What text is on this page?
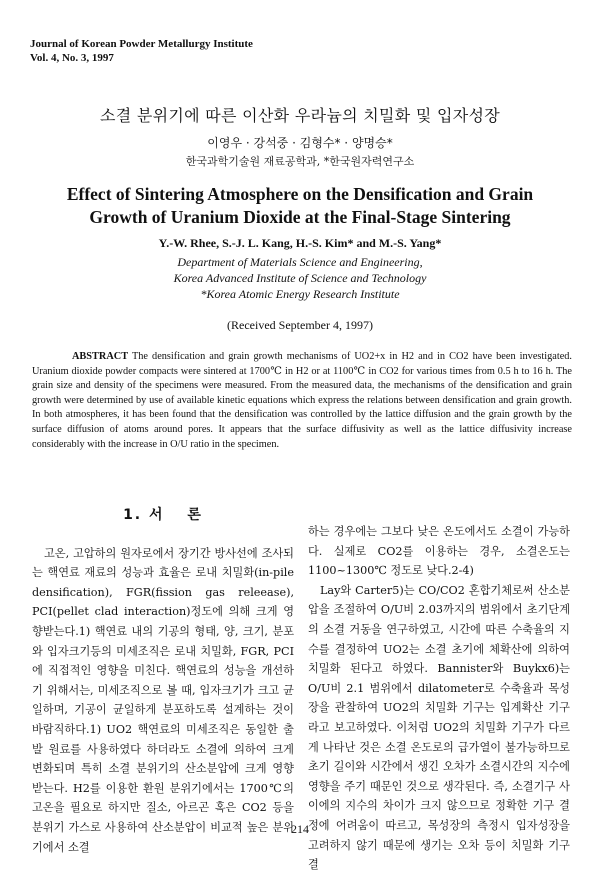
Journal of Korean Powder Metallurgy Institute
Vol. 4, No. 3, 1997
소결 분위기에 따른 이산화 우라늄의 치밀화 및 입자성장
이영우 · 강석중 · 김형수* · 양명승*
한국과학기술원 재료공학과, *한국원자력연구소
Effect of Sintering Atmosphere on the Densification and Grain
Growth of Uranium Dioxide at the Final-Stage Sintering
Y.-W. Rhee, S.-J. L. Kang, H.-S. Kim* and M.-S. Yang*
Department of Materials Science and Engineering,
Korea Advanced Institute of Science and Technology
*Korea Atomic Energy Research Institute
(Received September 4, 1997)
ABSTRACT The densification and grain growth mechanisms of UO2+x in H2 and in CO2 have been investigated. Uranium dioxide powder compacts were sintered at 1700℃ in H2 or at 1100℃ in CO2 for various times from 0.5 h to 16 h. The grain size and density of the specimens were measured. From the measured data, the mechanisms of the densification and grain growth were determined by use of available kinetic equations which express the relations between densification and grain growth. In both atmospheres, it has been found that the densification was controlled by the lattice diffusion and the grain growth by the surface diffusion of atoms around pores. It appears that the surface diffusivity as well as the lattice diffusivity increase considerably with the increase in O/U ratio in the specimen.
1. 서　 론

고온, 고압하의 원자로에서 장기간 방사선에 조사되는 핵연료 재료의 성능과 효율은 로내 치밀화(in-pile densification), FGR(fission gas releease), PCI(pellet clad interaction)정도에 의해 크게 영향받는다.1) 핵연료 내의 기공의 형태, 양, 크기, 분포와 입자크기등의 미세조직은 로내 치밀화, FGR, PCI에 직접적인 영향을 미친다. 핵연료의 성능을 개선하기 위해서는, 미세조직으로 볼 때, 입자크기가 크고 균일하며, 기공이 균일하게 분포하도록 설계하는 것이 바람직하다.1) UO2 핵연료의 미세조직은 동일한 출발 원료를 사용하였다 하더라도 소결에 의하여 크게 변화되며 특히 소결 분위기의 산소분압에 크게 영향 받는다. H2를 이용한 환원 분위기에서는 1700℃의 고온을 필요로 하지만 질소, 아르곤 혹은 CO2 등을 분위기 가스로 사용하여 산소분압이 비교적 높은 분위기에서 소결

하는 경우에는 그보다 낮은 온도에서도 소결이 가능하다. 실제로 CO2를 이용하는 경우, 소결온도는 1100~1300℃ 정도로 낮다.2-4)

Lay와 Carter5)는 CO/CO2 혼합기체로써 산소분압을 조절하여 O/U비 2.03까지의 범위에서 초기단계의 소결 거동을 연구하였고, 시간에 따른 수축율의 지수를 결정하여 UO2는 소결 초기에 체확산에 의하여 치밀화 된다고 하였다. Bannister와 Buykx6)는 O/U비 2.1 범위에서 dilatometer로 수축율과 목성장을 관찰하여 UO2의 치밀화 기구는 입계확산 기구라고 보고하였다. 이처럼 UO2의 치밀화 기구가 다르게 나타난 것은 소결 온도로의 급가열이 불가능하므로 초기 길이와 시간에서 생긴 오차가 소결시간의 지수에 영향을 주기 때문인 것으로 생각된다. 즉, 소결기구 사이에의 지수의 차이가 크지 않으므로 정확한 기구 결정에 어려움이 따르고, 목성장의 측정시 입자성장을 고려하지 않기 때문에 생기는 오차 등이 치밀화 기구 결

214
